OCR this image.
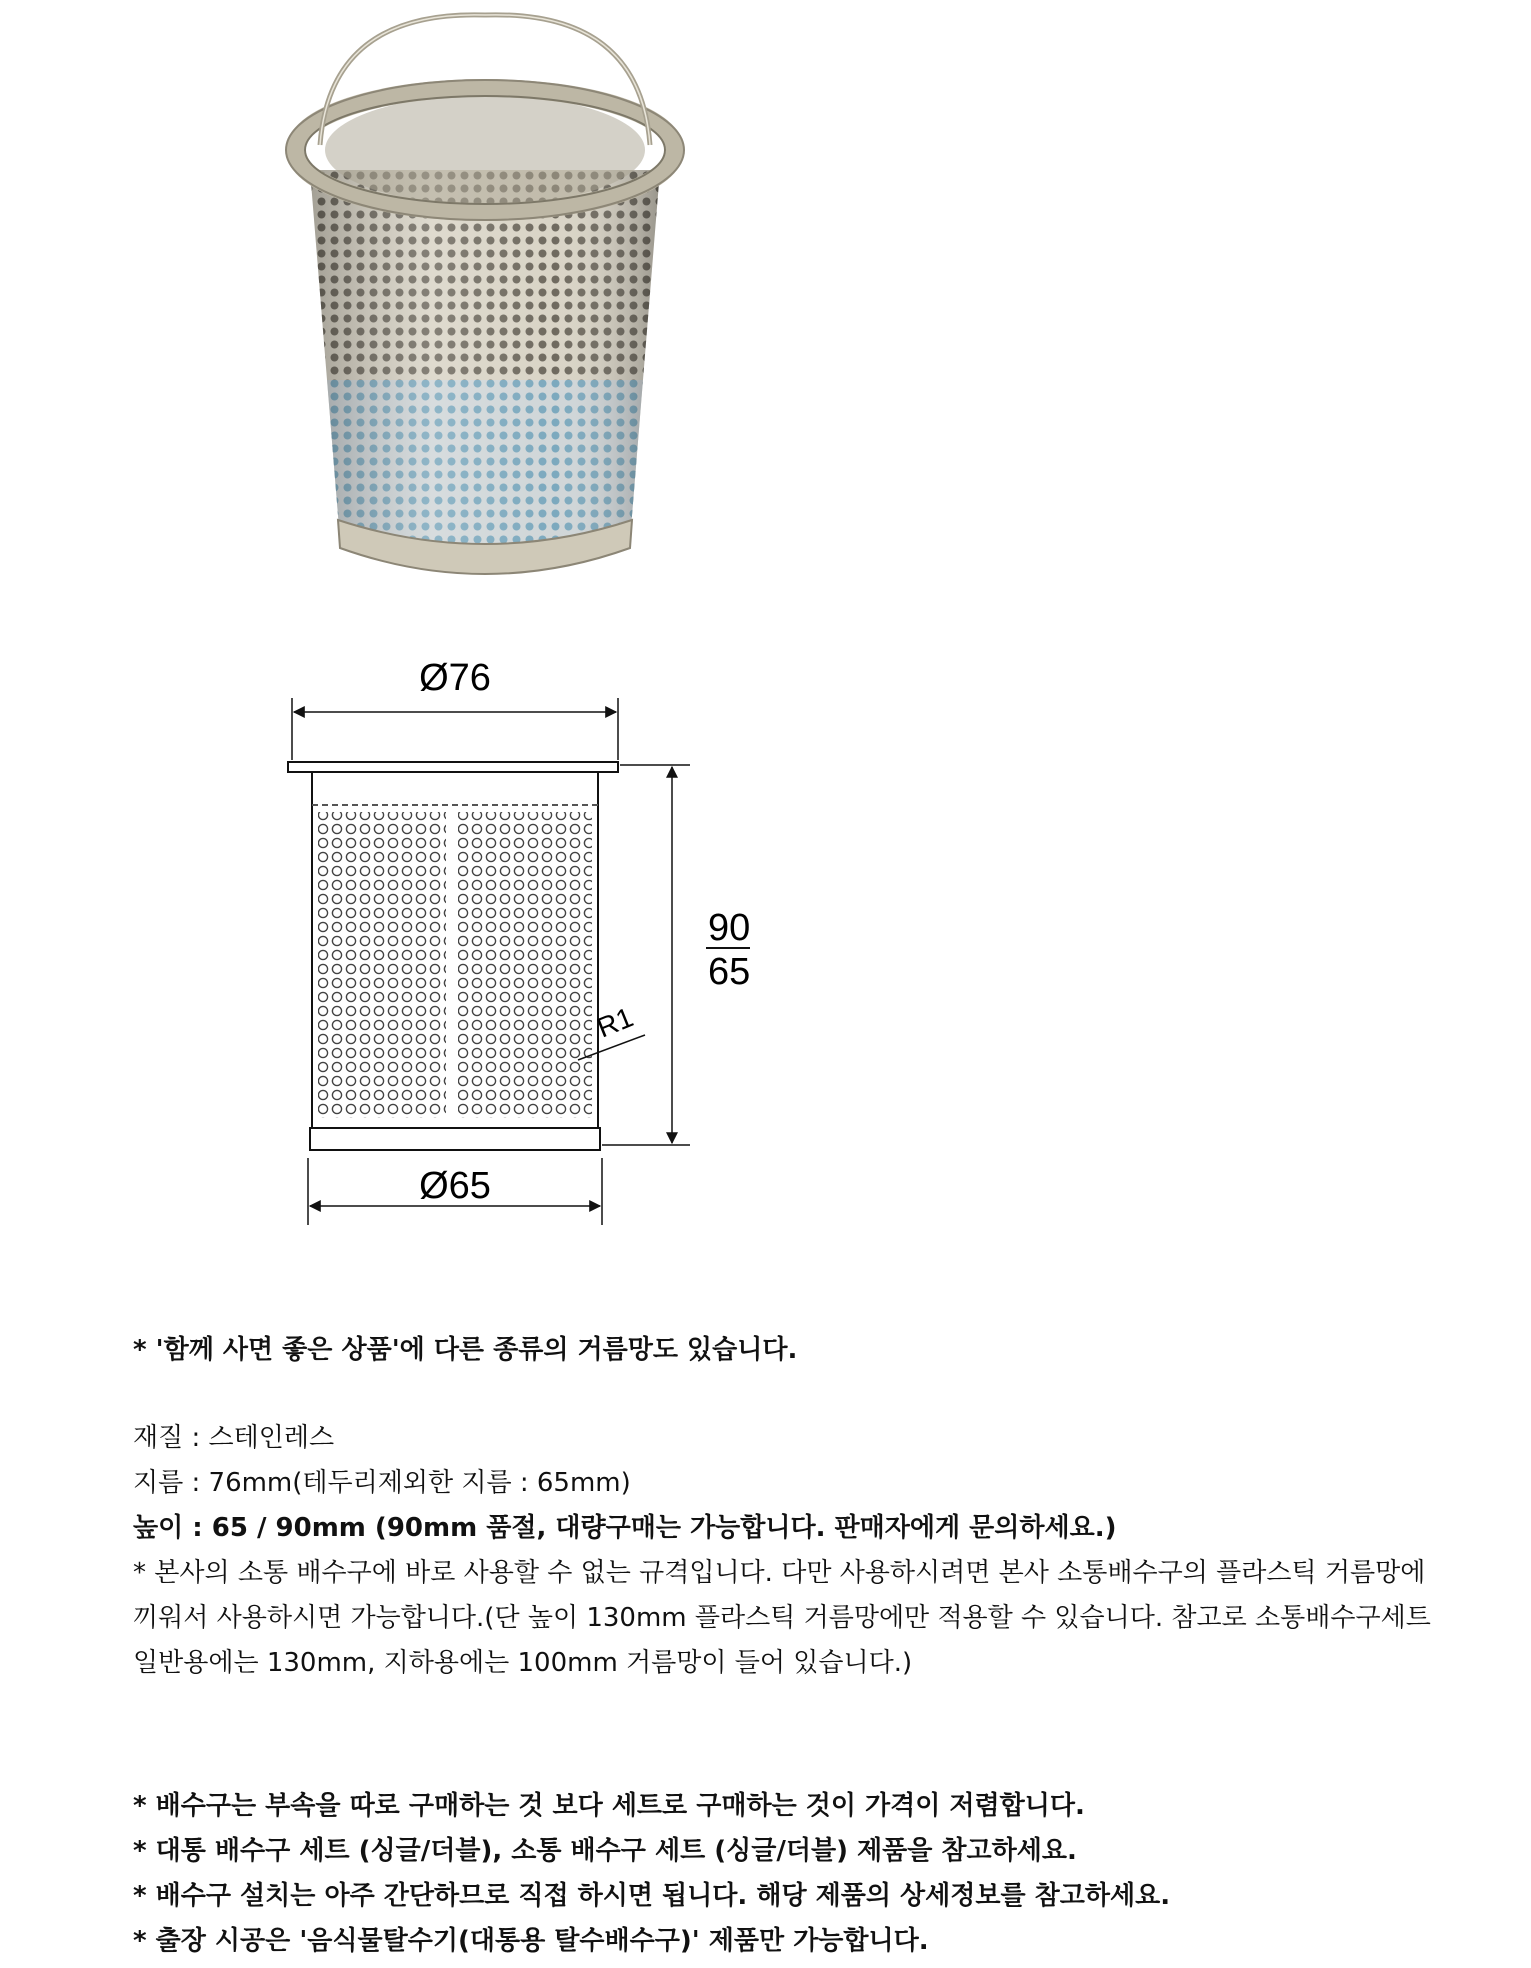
Ø76
R1
90
65
Ø65
* '함께 사면 좋은 상품'에 다른 종류의 거름망도 있습니다.
재질 : 스테인레스
지름 : 76mm(테두리제외한 지름 : 65mm)
높이 : 65 / 90mm (90mm 품절, 대량구매는 가능합니다. 판매자에게 문의하세요.)
* 본사의 소통 배수구에 바로 사용할 수 없는 규격입니다. 다만 사용하시려면 본사 소통배수구의 플라스틱 거름망에 끼워서 사용하시면 가능합니다.(단 높이 130mm 플라스틱 거름망에만 적용할 수 있습니다. 참고로 소통배수구세트 일반용에는 130mm, 지하용에는 100mm 거름망이 들어 있습니다.)
* 배수구는 부속을 따로 구매하는 것 보다 세트로 구매하는 것이 가격이 저렴합니다.
* 대통 배수구 세트 (싱글/더블), 소통 배수구 세트 (싱글/더블) 제품을 참고하세요.
* 배수구 설치는 아주 간단하므로 직접 하시면 됩니다. 해당 제품의 상세정보를 참고하세요.
* 출장 시공은 '음식물탈수기(대통용 탈수배수구)' 제품만 가능합니다.
